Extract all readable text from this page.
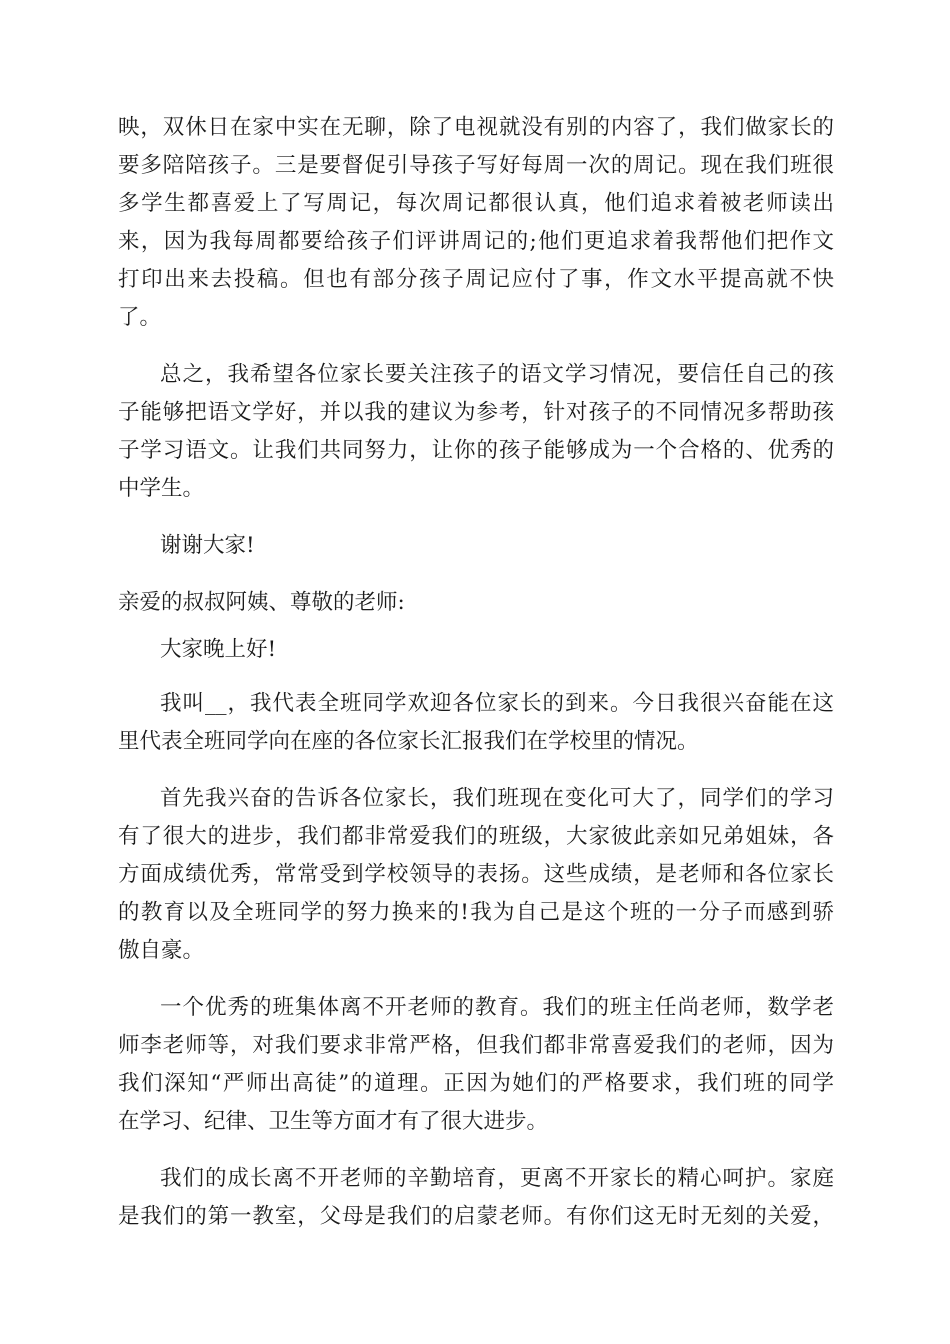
映，双休日在家中实在无聊，除了电视就没有别的内容了，我们做家长的

要多陪陪孩子。三是要督促引导孩子写好每周一次的周记。现在我们班很

多学生都喜爱上了写周记，每次周记都很认真，他们追求着被老师读出

来，因为我每周都要给孩子们评讲周记的;他们更追求着我帮他们把作文

打印出来去投稿。但也有部分孩子周记应付了事，作文水平提高就不快

了。

总之，我希望各位家长要关注孩子的语文学习情况，要信任自己的孩

子能够把语文学好，并以我的建议为参考，针对孩子的不同情况多帮助孩

子学习语文。让我们共同努力，让你的孩子能够成为一个合格的、优秀的

中学生。

谢谢大家!

亲爱的叔叔阿姨、尊敬的老师:

大家晚上好!

我叫__，我代表全班同学欢迎各位家长的到来。今日我很兴奋能在这

里代表全班同学向在座的各位家长汇报我们在学校里的情况。

首先我兴奋的告诉各位家长，我们班现在变化可大了，同学们的学习

有了很大的进步，我们都非常爱我们的班级，大家彼此亲如兄弟姐妹，各

方面成绩优秀，常常受到学校领导的表扬。这些成绩，是老师和各位家长

的教育以及全班同学的努力换来的!我为自己是这个班的一分子而感到骄

傲自豪。

一个优秀的班集体离不开老师的教育。我们的班主任尚老师，数学老

师李老师等，对我们要求非常严格，但我们都非常喜爱我们的老师，因为

我们深知“严师出高徒”的道理。正因为她们的严格要求，我们班的同学

在学习、纪律、卫生等方面才有了很大进步。

我们的成长离不开老师的辛勤培育，更离不开家长的精心呵护。家庭

是我们的第一教室，父母是我们的启蒙老师。有你们这无时无刻的关爱，
